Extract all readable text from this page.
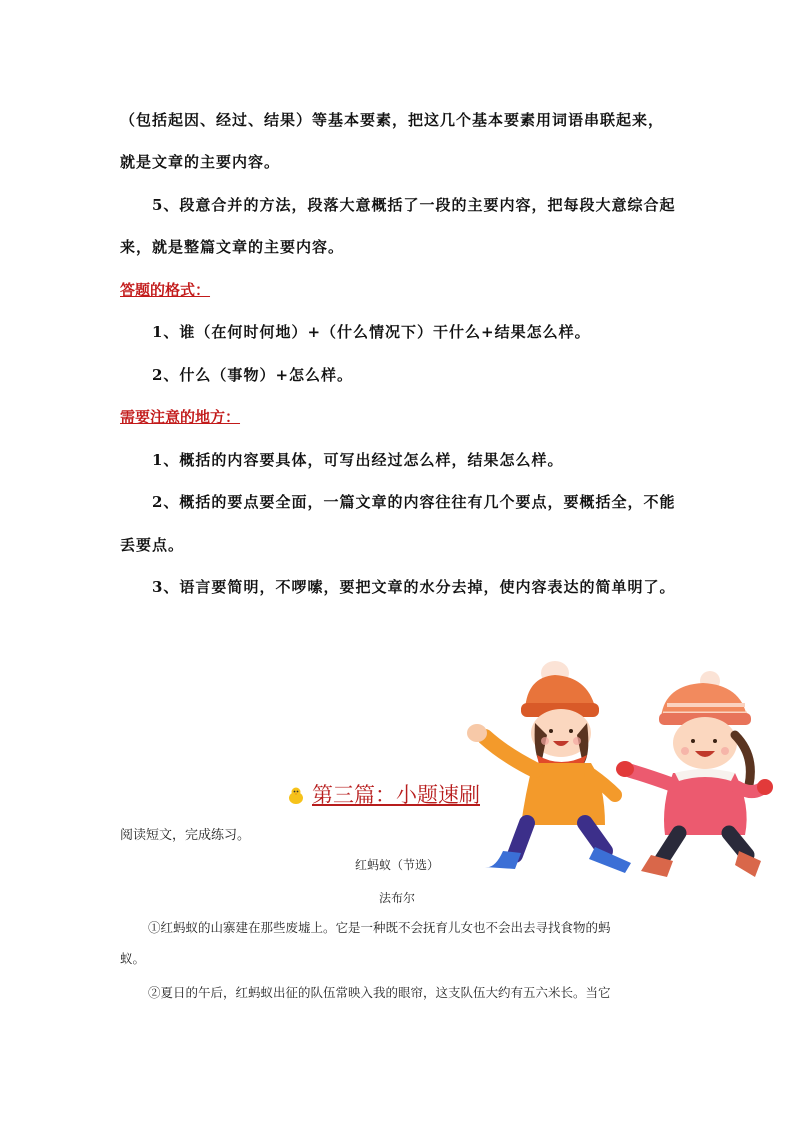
（包括起因、经过、结果）等基本要素，把这几个基本要素用词语串联起来，
就是文章的主要内容。
5、段意合并的方法，段落大意概括了一段的主要内容，把每段大意综合起
来，就是整篇文章的主要内容。
答题的格式：
1、谁（在何时何地）+（什么情况下）干什么+结果怎么样。
2、什么（事物）+怎么样。
需要注意的地方：
1、概括的内容要具体，可写出经过怎么样，结果怎么样。
2、概括的要点要全面，一篇文章的内容往往有几个要点，要概括全，不能
丢要点。
3、语言要简明，不啰嗦，要把文章的水分去掉，使内容表达的简单明了。
第三篇：小题速刷
阅读短文，完成练习。
红蚂蚁（节选）
法布尔
①红蚂蚁的山寨建在那些废墟上。它是一种既不会抚育儿女也不会出去寻找食物的蚂
蚁。
②夏日的午后，红蚂蚁出征的队伍常映入我的眼帘，这支队伍大约有五六米长。当它
